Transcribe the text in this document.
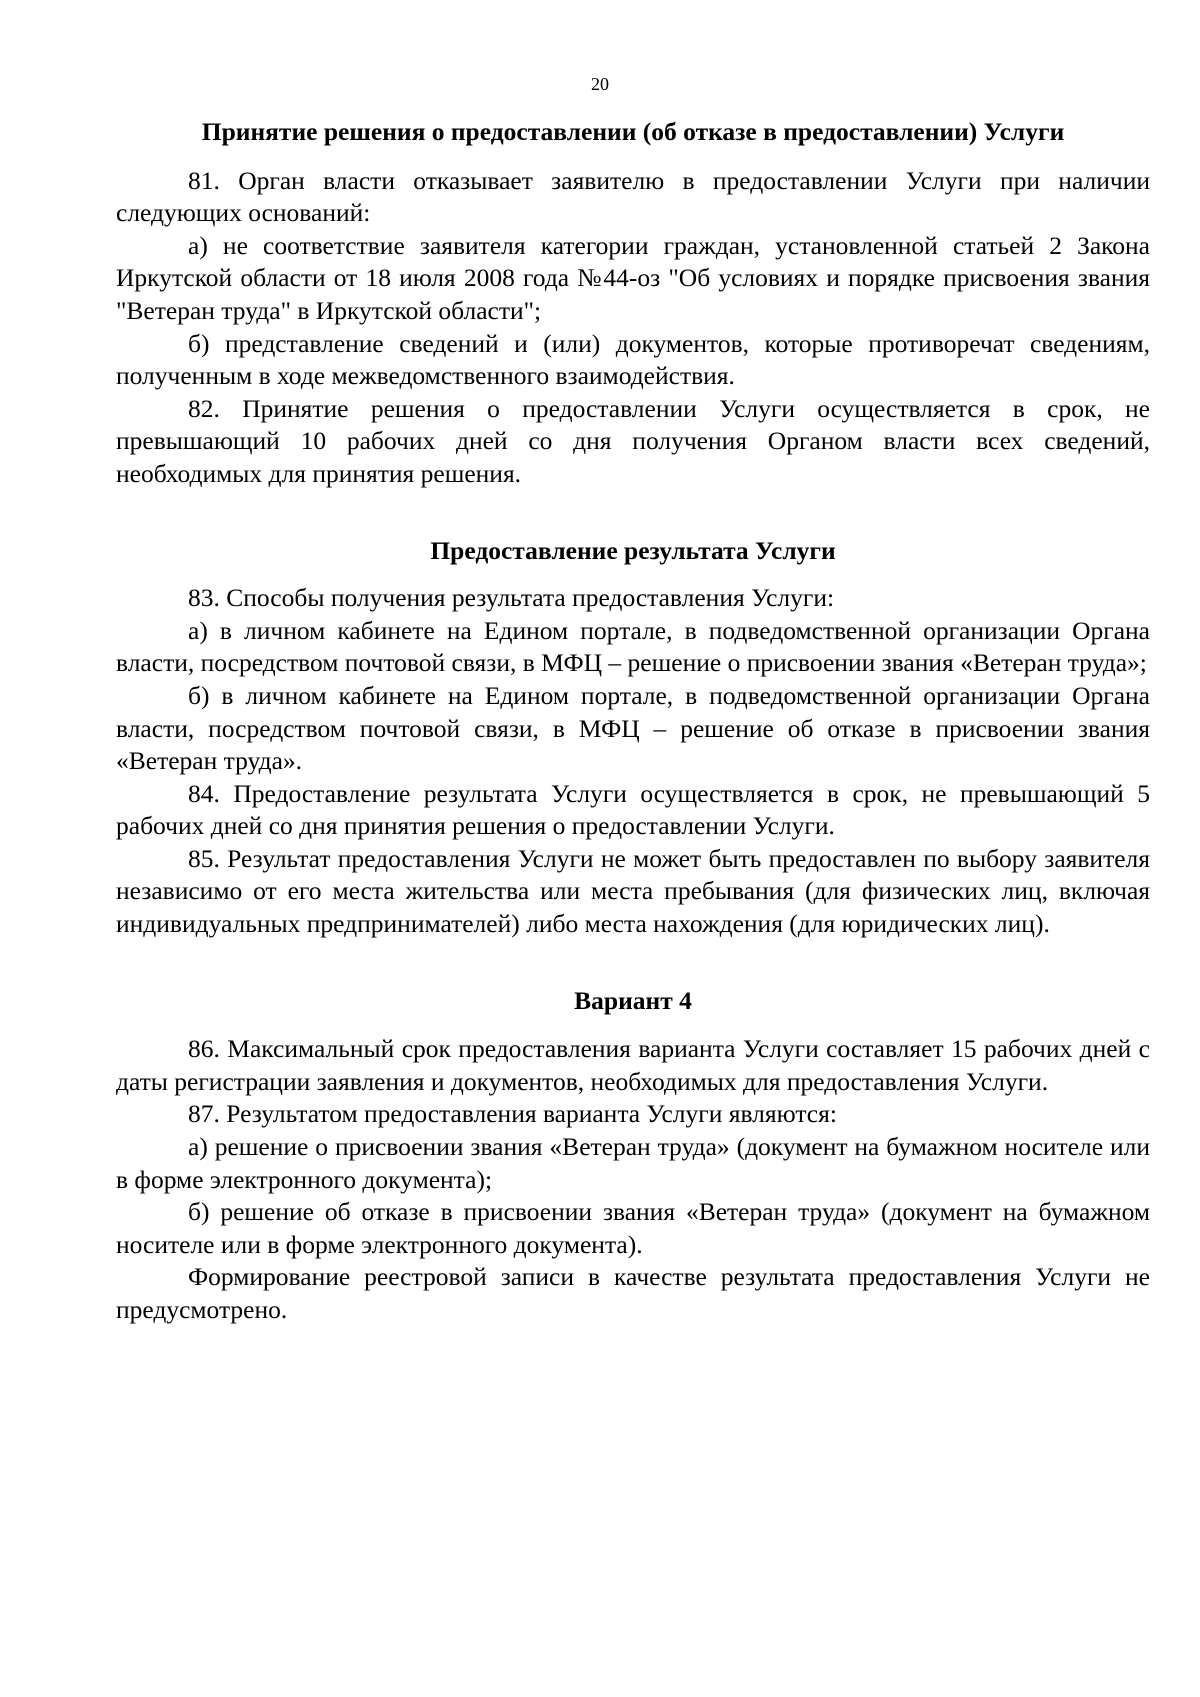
20
Принятие решения о предоставлении (об отказе в предоставлении) Услуги

81. Орган власти отказывает заявителю в предоставлении Услуги при наличии следующих оснований:

а) не соответствие заявителя категории граждан, установленной статьей 2 Закона Иркутской области от 18 июля 2008 года №44-оз "Об условиях и порядке присвоения звания "Ветеран труда" в Иркутской области";

б) представление сведений и (или) документов, которые противоречат сведениям, полученным в ходе межведомственного взаимодействия.

82. Принятие решения о предоставлении Услуги осуществляется в срок, не превышающий 10 рабочих дней со дня получения Органом власти всех сведений, необходимых для принятия решения.

Предоставление результата Услуги

83. Способы получения результата предоставления Услуги:

а) в личном кабинете на Едином портале, в подведомственной организации Органа власти, посредством почтовой связи, в МФЦ – решение о присвоении звания «Ветеран труда»;

б) в личном кабинете на Едином портале, в подведомственной организации Органа власти, посредством почтовой связи, в МФЦ – решение об отказе в присвоении звания «Ветеран труда».

84. Предоставление результата Услуги осуществляется в срок, не превышающий 5 рабочих дней со дня принятия решения о предоставлении Услуги.

85. Результат предоставления Услуги не может быть предоставлен по выбору заявителя независимо от его места жительства или места пребывания (для физических лиц, включая индивидуальных предпринимателей) либо места нахождения (для юридических лиц).

Вариант 4

86. Максимальный срок предоставления варианта Услуги составляет 15 рабочих дней с даты регистрации заявления и документов, необходимых для предоставления Услуги.

87. Результатом предоставления варианта Услуги являются:

а) решение о присвоении звания «Ветеран труда» (документ на бумажном носителе или в форме электронного документа);

б) решение об отказе в присвоении звания «Ветеран труда» (документ на бумажном носителе или в форме электронного документа).

Формирование реестровой записи в качестве результата предоставления Услуги не предусмотрено.
